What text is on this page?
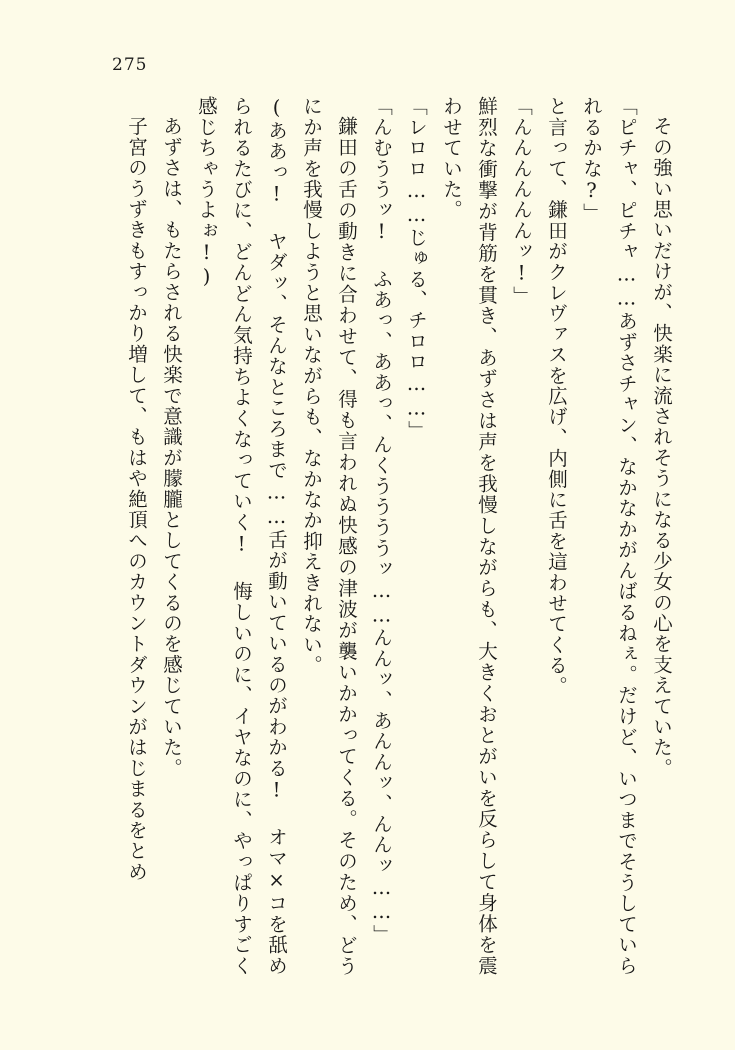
275
その強い思いだけが、快楽に流されそうになる少女の心を支えていた。
「ピチャ、ピチャ……あずさチャン、なかなかがんばるねぇ。だけど、いつまでそうしていられるかな?」
と言って、鎌田がクレヴァスを広げ、内側に舌を這わせてくる。
「んんんんんんッ!」
鮮烈な衝撃が背筋を貫き、あずさは声を我慢しながらも、大きくおとがいを反らして身体を震わせていた。
「レロロ……じゅる、チロロ……」
「んむううッ! ふあっ、ああっ、んくううううッ……んんッ、あんんッ、んんッ……」
鎌田の舌の動きに合わせて、得も言われぬ快感の津波が襲いかかってくる。そのため、どうにか声を我慢しようと思いながらも、なかなか抑えきれない。
(ああっ! ヤダッ、そんなところまで……舌が動いているのがわかる! オマ×コを舐められるたびに、どんどん気持ちよくなっていく! 悔しいのに、イヤなのに、やっぱりすごく感じちゃうよぉ!)
あずさは、もたらされる快楽で意識が朦朧としてくるのを感じていた。
子宮のうずきもすっかり増して、もはや絶頂へのカウントダウンがはじまるをとめ
